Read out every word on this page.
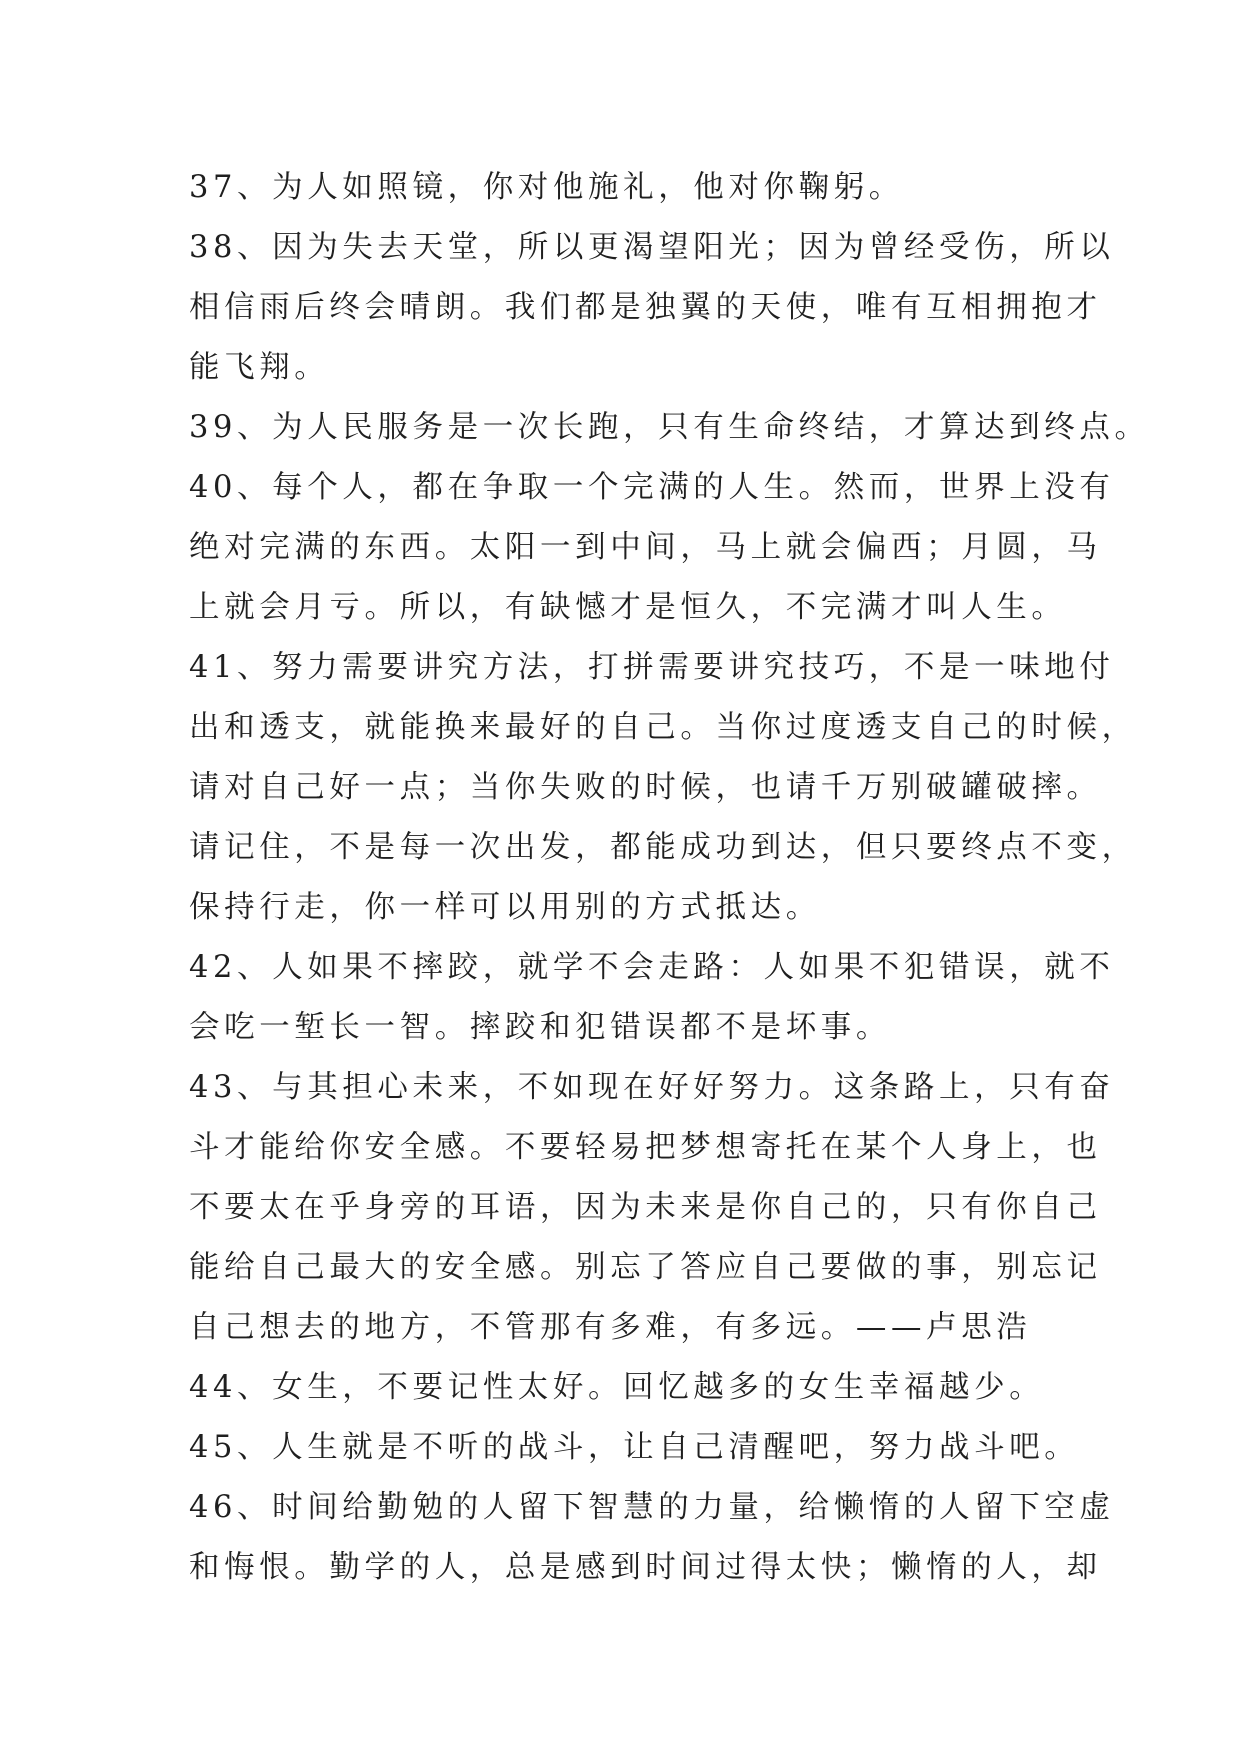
37、为人如照镜，你对他施礼，他对你鞠躬。
38、因为失去天堂，所以更渴望阳光；因为曾经受伤，所以
相信雨后终会晴朗。我们都是独翼的天使，唯有互相拥抱才
能飞翔。
39、为人民服务是一次长跑，只有生命终结，才算达到终点。
40、每个人，都在争取一个完满的人生。然而，世界上没有
绝对完满的东西。太阳一到中间，马上就会偏西；月圆，马
上就会月亏。所以，有缺憾才是恒久，不完满才叫人生。
41、努力需要讲究方法，打拼需要讲究技巧，不是一味地付
出和透支，就能换来最好的自己。当你过度透支自己的时候，
请对自己好一点；当你失败的时候，也请千万别破罐破摔。
请记住，不是每一次出发，都能成功到达，但只要终点不变，
保持行走，你一样可以用别的方式抵达。
42、人如果不摔跤，就学不会走路：人如果不犯错误，就不
会吃一堑长一智。摔跤和犯错误都不是坏事。
43、与其担心未来，不如现在好好努力。这条路上，只有奋
斗才能给你安全感。不要轻易把梦想寄托在某个人身上，也
不要太在乎身旁的耳语，因为未来是你自己的，只有你自己
能给自己最大的安全感。别忘了答应自己要做的事，别忘记
自己想去的地方，不管那有多难，有多远。——卢思浩
44、女生，不要记性太好。回忆越多的女生幸福越少。
45、人生就是不听的战斗，让自己清醒吧，努力战斗吧。
46、时间给勤勉的人留下智慧的力量，给懒惰的人留下空虚
和悔恨。勤学的人，总是感到时间过得太快；懒惰的人，却
